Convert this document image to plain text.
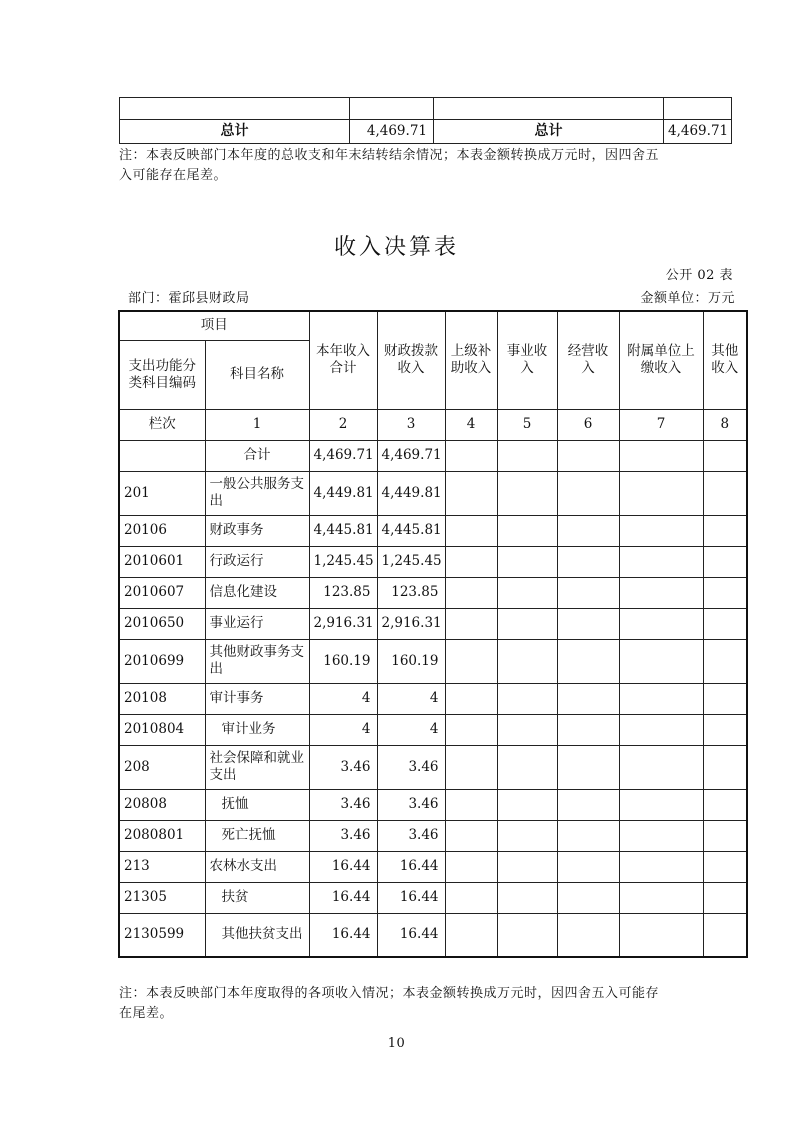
总计	4,469.71	总计	4,469.71
注：本表反映部门本年度的总收支和年末结转结余情况；本表金额转换成万元时，因四舍五
入可能存在尾差。
收入决算表
公开 02 表
部门：霍邱县财政局	金额单位：万元
项目		本年收入合计	财政拨款收入	上级补助收入	事业收入	经营收入	附属单位上缴收入	其他收入
支出功能分类科目编码	科目名称							
栏次	1	2	3	4	5	6	7	8
	合计	4,469.71	4,469.71					
201	一般公共服务支出	4,449.81	4,449.81					
20106	财政事务	4,445.81	4,445.81					
2010601	行政运行	1,245.45	1,245.45					
2010607	信息化建设	123.85	123.85					
2010650	事业运行	2,916.31	2,916.31					
2010699	其他财政事务支出	160.19	160.19					
20108	审计事务	4	4					
2010804	审计业务	4	4					
208	社会保障和就业支出	3.46	3.46					
20808	抚恤	3.46	3.46					
2080801	死亡抚恤	3.46	3.46					
213	农林水支出	16.44	16.44					
21305	扶贫	16.44	16.44					
2130599	其他扶贫支出	16.44	16.44					
注：本表反映部门本年度取得的各项收入情况；本表金额转换成万元时，因四舍五入可能存
在尾差。
10
